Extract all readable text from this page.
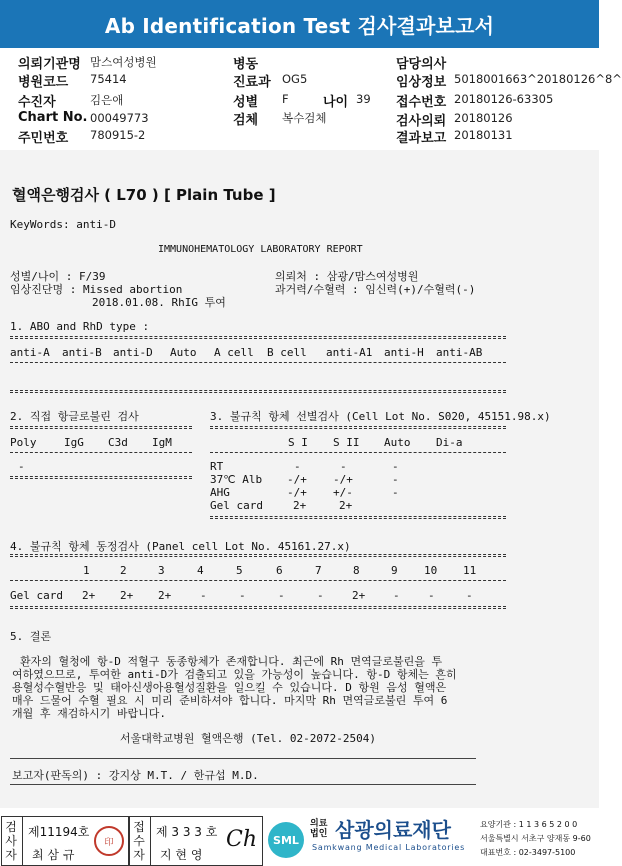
Ab Identification Test 검사결과보고서
의뢰기관명 맘스여성병원
병원코드 75414
수진자	김은애
Chart No. 00049773
주민번호 780915-2
병동
진료과 OG5
성별 F	나이 39
검체 복수검체
담당의사
임상정보 5018001663^20180126^8^
접수번호 20180126-63305
검사의뢰 20180126
결과보고 20180131
혈액은행검사 ( L70 ) [ Plain Tube ]
KeyWords: anti-D
IMMUNOHEMATOLOGY LABORATORY REPORT
성별/나이 : F/39
임상진단명 : Missed abortion
2018.01.08. RhIG 투여
의뢰처 : 삼광/맘스여성병원
과거력/수혈력 : 임신력(+)/수혈력(-)
1. ABO and RhD type :
anti-A anti-B anti-D Auto A cell B cell anti-A1 anti-H anti-AB
2. 직접 항글로불린 검사
Poly	IgG C3d IgM
-
3. 불규칙 항체 선별검사 (Cell Lot No. S020, 45151.98.x)
S I S II Auto Di-a
RT	-	-	-
37℃ Alb -/+ -/+	-
AHG	-/+ +/-	-
Gel card	2+	2+
4. 불규칙 항체 동정검사 (Panel cell Lot No. 45161.27.x)
1	2	3	4	5	6	7	8	9 10 11
Gel card 2+ 2+ 2+	-	-	-	-	2+	-	-	-
5. 결론
환자의 혈청에 항-D 적혈구 동종항체가 존재합니다. 최근에 Rh 면역글로불린을 투
여하였으므로, 투여한 anti-D가 검출되고 있을 가능성이 높습니다. 항-D 항체는 흔히
용혈성수혈반응 및 태아신생아용혈성질환을 일으킬 수 있습니다. D 항원 음성 혈액은
매우 드물어 수혈 필요 시 미리 준비하셔야 합니다. 마지막 Rh 면역글로불린 투여 6
개월 후 재검하시기 바랍니다.
서울대학교병원 혈액은행 (Tel. 02-2072-2504)
보고자(판독의) : 강지상 M.T. / 한규섭 M.D.
검
사
자
제11194호
최 삼 규
印
접
수
자
제 3 3 3 호
지 현 영
Ch SML
의료
법인 삼광의료재단
Samkwang Medical Laboratories
요양기관 : 1 1 3 6 5 2 0 0
서울특별시 서초구 양재동 9-60
대표번호 : 02-3497-5100
